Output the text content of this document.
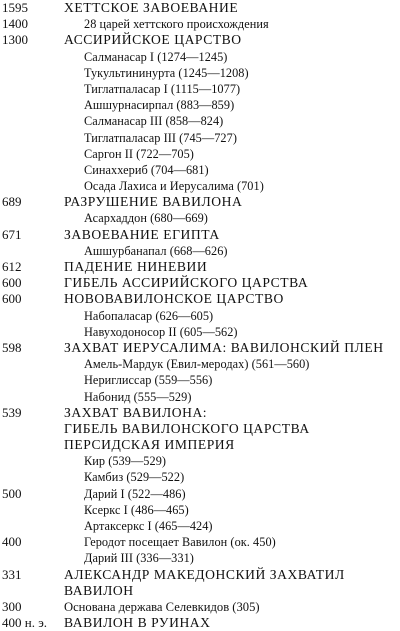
1595	ХЕТТСКОЕ ЗАВОЕВАНИЕ
1400	28 царей хеттского происхождения
1300	АССИРИЙСКОЕ ЦАРСТВО
Салманасар I (1274—1245)
Тукультининурта (1245—1208)
Тиглатпаласар I (1115—1077)
Ашшурнасирпал (883—859)
Салманасар III (858—824)
Тиглатпаласар III (745—727)
Саргон II (722—705)
Синаххериб (704—681)
Осада Лахиса и Иерусалима (701)
689	РАЗРУШЕНИЕ ВАВИЛОНА
Асархаддон (680—669)
671	ЗАВОЕВАНИЕ ЕГИПТА
Ашшурбанапал (668—626)
612	ПАДЕНИЕ НИНЕВИИ
600	ГИБЕЛЬ АССИРИЙСКОГО ЦАРСТВА
600	НОВОВАВИЛОНСКОЕ ЦАРСТВО
Набопаласар (626—605)
Навуходоносор II (605—562)
598	ЗАХВАТ ИЕРУСАЛИМА: ВАВИЛОНСКИЙ ПЛЕН
Амель-Мардук (Евил-меродах) (561—560)
Нериглиссар (559—556)
Набонид (555—529)
539	ЗАХВАТ ВАВИЛОНА:
ГИБЕЛЬ ВАВИЛОНСКОГО ЦАРСТВА
ПЕРСИДСКАЯ ИМПЕРИЯ
Кир (539—529)
Камбиз (529—522)
500	Дарий I (522—486)
Ксеркс I (486—465)
Артаксеркс I (465—424)
400	Геродот посещает Вавилон (ок. 450)
Дарий III (336—331)
331	АЛЕКСАНДР МАКЕДОНСКИЙ ЗАХВАТИЛ
ВАВИЛОН
300	Основана держава Селевкидов (305)
400 н. э. ВАВИЛОН В РУИНАХ
